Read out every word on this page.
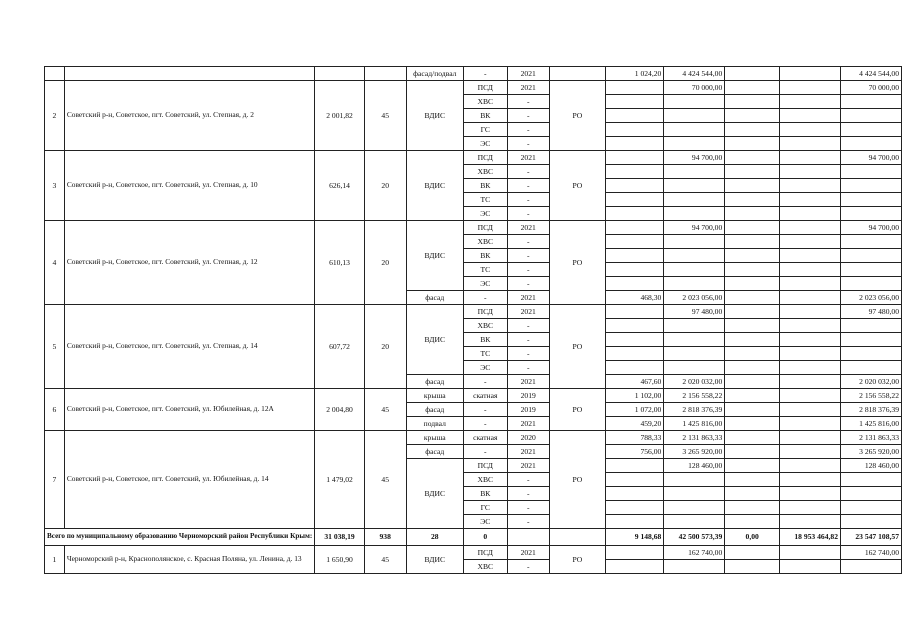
				фасад/подвал	-	2021		1 024,20	4 424 544,00			4 424 544,00
2	Советский р-н, Советское, пгт. Советский, ул. Степная, д. 2	2 001,82	45	ВДИС	ПСД	2021	РО		70 000,00			70 000,00
					ХВС	-						
					ВК	-						
					ГС	-						
					ЭС	-						
3	Советский р-н, Советское, пгт. Советский, ул. Степная, д. 10	626,14	20	ВДИС	ПСД	2021	РО		94 700,00			94 700,00
					ХВС	-						
					ВК	-						
					ТС	-						
					ЭС	-						
4	Советский р-н, Советское, пгт. Советский, ул. Степная, д. 12	610,13	20	ВДИС	ПСД	2021	РО		94 700,00			94 700,00
					ХВС	-						
					ВК	-						
					ТС	-						
					ЭС	-						
				фасад	-	2021		468,30	2 023 056,00			2 023 056,00
5	Советский р-н, Советское, пгт. Советский, ул. Степная, д. 14	607,72	20	ВДИС	ПСД	2021	РО		97 480,00			97 480,00
					ХВС	-						
					ВК	-						
					ТС	-						
					ЭС	-						
				фасад	-	2021		467,60	2 020 032,00			2 020 032,00
6	Советский р-н, Советское, пгт. Советский, ул. Юбилейная, д. 12А	2 004,80	45	крыша	скатная	2019	РО	1 102,00	2 156 558,22			2 156 558,22
				фасад	-	2019		1 072,00	2 818 376,39			2 818 376,39
				подвал	-	2021		459,20	1 425 816,00			1 425 816,00
7	Советский р-н, Советское, пгт. Советский, ул. Юбилейная, д. 14	1 479,02	45	крыша	скатная	2020	РО	788,33	2 131 863,33			2 131 863,33
				фасад	-	2021		756,00	3 265 920,00			3 265 920,00
				ВДИС	ПСД	2021			128 460,00			128 460,00
					ХВС	-						
					ВК	-						
					ГС	-						
					ЭС	-						
Всего по муниципальному образованию Черноморский район Республики Крым:		31 038,19	938	28	0			9 148,68	42 500 573,39	0,00	18 953 464,82	23 547 108,57
1	Черноморский р-н, Краснополянское, с. Красная Поляна, ул. Ленина, д. 13	1 650,90	45	ВДИС	ПСД	2021	РО		162 740,00			162 740,00
					ХВС	-						
